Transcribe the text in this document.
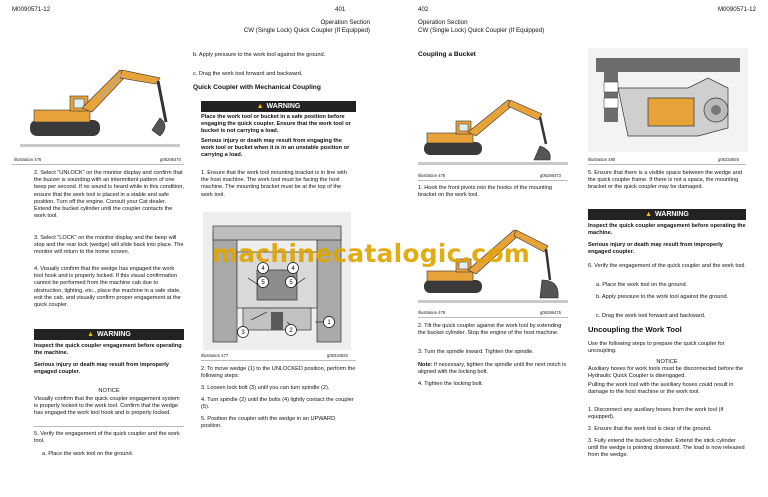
M0090571-12	401
Operation Section
CW (Single Lock) Quick Coupler (If Equipped)
Illustration 476	g06286470
b. Apply pressure to the work tool against the ground.
c. Drag the work tool forward and backward.
Quick Coupler with Mechanical Coupling
▲ WARNING
Place the work tool or bucket in a safe position before engaging the quick coupler. Ensure that the work tool or bucket is not carrying a load.
Serious injury or death may result from engaging the work tool or bucket when it is in an unstable position or carrying a load.
2. Select "UNLOCK" on the monitor display and confirm that the buzzer is sounding with an intermittent pattern of one beep per second. If no sound is heard while in this condition, ensure that the work tool is placed in a stable and safe position. Turn off the engine. Consult your Cat dealer. Extend the bucket cylinder until the coupler contacts the work tool.
3. Select "LOCK" on the monitor display and the beep will stop and the rear lock (wedge) will slide back into place. The monitor will return to the home screen.
4. Visually confirm that the wedge has engaged the work tool hook and is properly locked. If this visual confirmation cannot be performed from the machine cab due to obstruction, lighting, etc., place the machine in a safe state, exit the cab, and visually confirm proper engagement at the quick coupler.
▲ WARNING
Inspect the quick coupler engagement before operating the machine.
Serious injury or death may result from improperly engaged coupler.
NOTICE
Visually confirm that the quick coupler engagement system is properly locked to the work tool. Confirm that the wedge has engaged the work tool hook and is properly locked.
5. Verify the engagement of the quick coupler and the work tool.
a. Place the work tool on the ground.
1. Ensure that the work tool mounting bracket is in line with the host machine. The work tool must be facing the host machine. The mounting bracket must be at the top of the work tool.
4	4
5	5
1
2
3
Illustration 477	g06334920
2. To move wedge (1) to the UNLOCKED position, perform the following steps:
3. Loosen lock bolt (3) until you can turn spindle (2).
4. Turn spindle (2) until the bolts (4) lightly contact the coupler (5).
5. Position the coupler with the wedge in an UPWARD position.
402	M0090571-12
Operation Section
CW (Single Lock) Quick Coupler (If Equipped)
Coupling a Bucket
Illustration 478	g06286473
1. Hook the front pivots into the hooks of the mounting bracket on the work tool.
Illustration 479	g06286475
2. Tilt the quick coupler against the work tool by extending the bucket cylinder. Stop the engine of the host machine.
3. Turn the spindle inward. Tighten the spindle.
Note: If necessary, tighten the spindle until the next notch is aligned with the locking bolt.
4. Tighten the locking bolt.
Illustration 480	g06334926
5. Ensure that there is a visible space between the wedge and the quick coupler frame. If there is not a space, the mounting bracket or the quick coupler may be damaged.
▲ WARNING
Inspect the quick coupler engagement before operating the machine.
Serious injury or death may result from improperly engaged coupler.
6. Verify the engagement of the quick coupler and the work tool.
a. Place the work tool on the ground.
b. Apply pressure to the work tool against the ground.
c. Drag the work tool forward and backward.
Uncoupling the Work Tool
Use the following steps to prepare the quick coupler for uncoupling.
NOTICE
Auxiliary hoses for work tools must be disconnected before the Hydraulic Quick Coupler is disengaged.
Pulling the work tool with the auxiliary hoses could result in damage to the host machine or the work tool.
1. Disconnect any auxiliary hoses from the work tool (if equipped).
2. Ensure that the work tool is clear of the ground.
3. Fully extend the bucket cylinder. Extend the stick cylinder until the wedge is pointing downward. The load is now released from the wedge.
machinecatalogic.com
